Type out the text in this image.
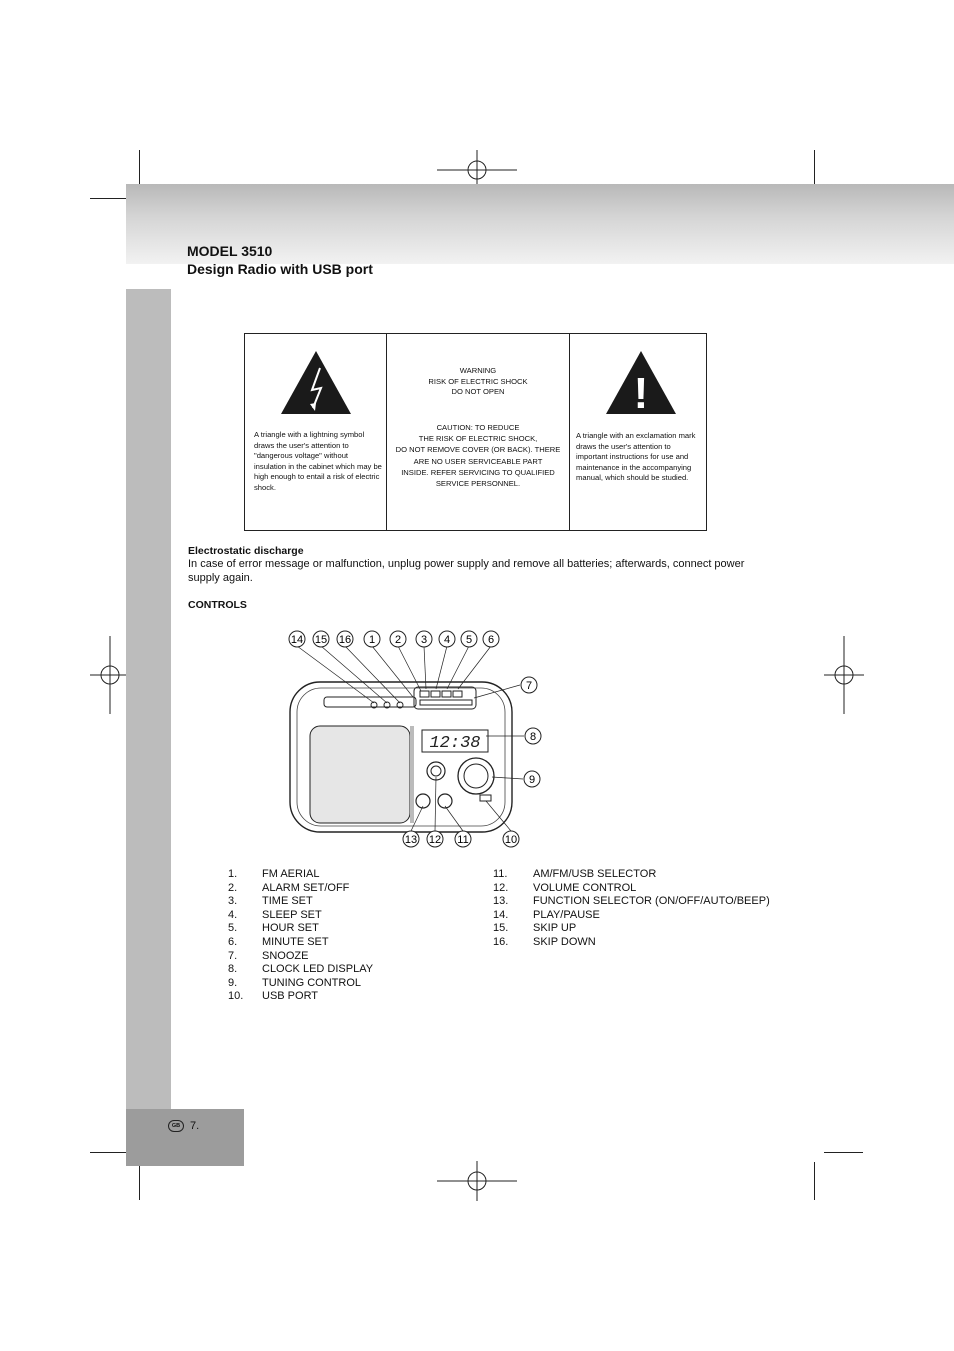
MODEL 3510
Design Radio with USB port
A triangle with a lightning symbol draws the user's attention to "dangerous voltage" without insulation in the cabinet which may be high enough to entail a risk of electric shock.
WARNING
RISK OF ELECTRIC SHOCK
DO NOT OPEN
CAUTION: TO REDUCE
THE RISK OF ELECTRIC SHOCK,
DO NOT REMOVE COVER (OR BACK). THERE
ARE NO USER SERVICEABLE PART
INSIDE. REFER SERVICING TO QUALIFIED
SERVICE PERSONNEL.
!
A triangle with an exclamation mark draws the user's attention to important instructions for use and maintenance in the accompanying manual, which should be studied.
Electrostatic discharge
In case of error message or malfunction, unplug power supply and remove all batteries; afterwards, connect power supply again.
CONTROLS
12:38
14 15 16 1 2 3 4 5 6
7
8
9
10
11
12
13
1.	FM AERIAL
2.	ALARM SET/OFF
3.	TIME SET
4.	SLEEP SET
5.	HOUR SET
6.	MINUTE SET
7.	SNOOZE
8.	CLOCK LED DISPLAY
9.	TUNING CONTROL
10.	USB PORT
11.	AM/FM/USB SELECTOR
12.	VOLUME CONTROL
13.	FUNCTION SELECTOR (ON/OFF/AUTO/BEEP)
14.	PLAY/PAUSE
15.	SKIP UP
16.	SKIP DOWN
GB 7.
